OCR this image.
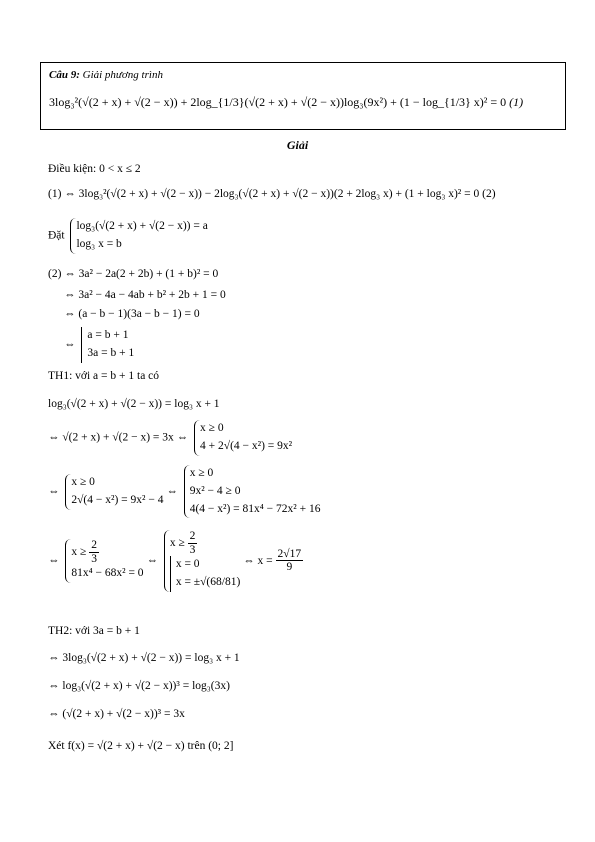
Câu 9: Giải phương trình
3log₃²(√(2 + x) + √(2 − x)) + 2log_{1/3}(√(2 + x) + √(2 − x))log₃(9x²) + (1 − log_{1/3} x)² = 0 (1)
Giải
Điều kiện: 0 < x ≤ 2
(1) ⇔ 3log₃²(√(2 + x) + √(2 − x)) − 2log₃(√(2 + x) + √(2 − x))(2 + 2log₃ x) + (1 + log₃ x)² = 0 (2)
Đặt
log₃(√(2 + x) + √(2 − x)) = a
log₃ x = b
(2) ⇔ 3a² − 2a(2 + 2b) + (1 + b)² = 0
⇔ 3a² − 4a − 4ab + b² + 2b + 1 = 0
⇔ (a − b − 1)(3a − b − 1) = 0
⇔
a = b + 1
3a = b + 1
TH1: với a = b + 1 ta có
log₃(√(2 + x) + √(2 − x)) = log₃ x + 1
⇔ √(2 + x) + √(2 − x) = 3x ⇔
x ≥ 0
4 + 2√(4 − x²) = 9x²
⇔
x ≥ 0
2√(4 − x²) = 9x² − 4
⇔
x ≥ 0
9x² − 4 ≥ 0
4(4 − x²) = 81x⁴ − 72x² + 16
⇔
$x \ge \frac{2}{3}$
81x⁴ − 68x² = 0
⇔
$x \ge \frac{2}{3}$
x = 0
x = ±√(68/81)
⇔ $x = \frac{2√17}{9}$
TH2: với 3a = b + 1
⇔ 3log₃(√(2 + x) + √(2 − x)) = log₃ x + 1
⇔ log₃(√(2 + x) + √(2 − x))³ = log₃(3x)
⇔ (√(2 + x) + √(2 − x))³ = 3x
Xét f(x) = √(2 + x) + √(2 − x) trên (0; 2]
